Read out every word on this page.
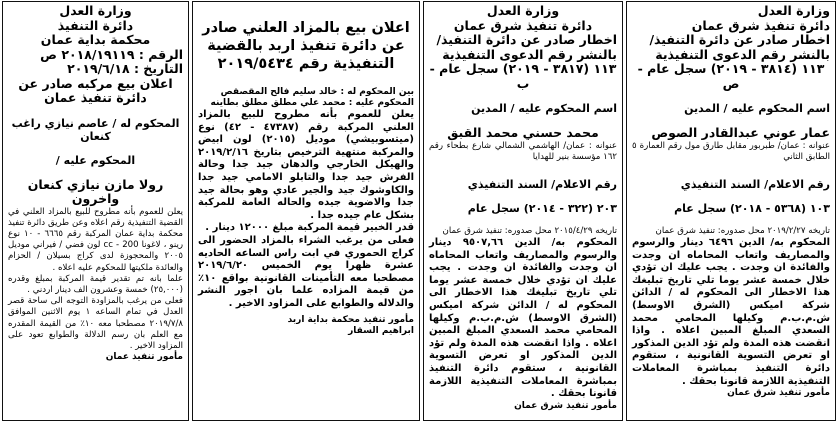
وزارة العدل

دائرة تنفيذ شرق عمان

اخطار صادر عن دائرة التنفيذ/بالنشر رقم الدعوى التنفيذية

١١٣ (٣٨١٤ - ٢٠١٩) سجل عام - ص

اسم المحكوم عليه / المدين

عمار عوني عبدالقادر الصوص

عنوانه : عمان/ طبربور مقابل طارق مول رقم العمارة ٥ الطابق الثاني

رقم الاعلام/ السند التنفيذي

١٠٣ (٥٣٦٨ - ٢٠١٨) سجل عام

تاريخه ٢٠١٩/٢/٢٧ محل صدوره: تنفيذ شرق عمان

المحكوم به/ الدين ٦٤٩٦ دينار والرسوم والمصاريف واتعاب المحاماه ان وجدت والفائدة ان وجدت . يجب عليك ان تؤدي خلال خمسة عشر يوما تلي تاريخ تبليغك هذا الاخطار الى المحكوم له / الدائن شركة اميكس (الشرق الاوسط) ش.م.ب.م وكيلها المحامي محمد السعدي المبلغ المبين اعلاه . واذا انقضت هذه المدة ولم تؤد الدين المذكور او تعرض التسوية القانونية ، ستقوم دائرة التنفيذ بمباشرة المعاملات التنفيذية اللازمة قانونا بحقك .

مأمور تنفيذ شرق عمان

وزارة العدل

دائرة تنفيذ شرق عمان

اخطار صادر عن دائرة التنفيذ/بالنشر رقم الدعوى التنفيذية

١١٣ (٣٨١٧ - ٢٠١٩) سجل عام - ب

اسم المحكوم عليه / المدين

محمد حسني محمد القبق

عنوانه : عمان/ الهاشمي الشمالي شارع بطحاء رقم ١٦٢ مؤسسة بنير للهدايا

رقم الاعلام/ السند التنفيذي

٢٠٣ (٣٢٢ - ٢٠١٤) سجل عام

تاريخه ٢٠١٥/٤/٢٩ محل صدوره: تنفيذ شرق عمان

المحكوم به/ الدين ٩٥٠٧,٦٦ دينار والرسوم والمصاريف واتعاب المحاماه ان وجدت والفائدة ان وجدت . يجب عليك ان تؤدي خلال خمسة عشر يوما تلي تاريخ تبليغك هذا الاخطار الى المحكوم له / الدائن شركة اميكس (الشرق الاوسط) ش.م.ب.م وكيلها المحامي محمد السعدي المبلغ المبين اعلاه . واذا انقضت هذه المدة ولم تؤد الدين المذكور او تعرض التسوية القانونية ، ستقوم دائرة التنفيذ بمباشرة المعاملات التنفيذية اللازمة قانونا بحقك .

مأمور تنفيذ شرق عمان

اعلان بيع بالمزاد العلني صادر عن دائرة تنفيذ اربد بالقضية التنفيذية رقم ٢٠١٩/٥٤٣٤

بين المحكوم له : خالد سليم فالح المقصقص

المحكوم عليه : محمد علي مطلق مطلق بطاينه

يعلن للعموم بأنه مطروح للبيع بالمزاد العلني المركبة رقم (٤٧٣٨٧ - ٤٢) نوع (ميتسوبيشي) موديل (٢٠١٥) لون ابيض والمركبة منتهية الترخيص بتاريخ ٢٠١٩/٢/١٦ والهيكل الخارجي والدهان جيد جدا وحالة الفرش جيد جدا والتابلو الامامي جيد جدا والكاوشوك جيد والجير عادي وهو بحالة جيد جدا والاضوية جيده والحاله العامة للمركبة بشكل عام جيده جدا .

قدر الخبير قيمة المركبة مبلغ ١٢٠٠٠ دينار .

فعلى من يرغب الشراء بالمزاد الحضور الى كراج الحموري في ابت راس الساعه الحاديه عشرة ظهرا يوم الخميس ٢٠١٩/٦/٢٠ مصطحبا معه التأمينات القانونية بواقع ١٠٪ من قيمة المزاده علما بان اجور النشر والدلاله والطوابع على المزاود الاخير .

مأمور تنفيذ محكمة بداية اربد

ابراهيم السقار

وزارة العدل

دائرة التنفيذ

محكمة بداية عمان

الرقم : ٢٠١٨/١٩١١٩ ص

التاريخ : ٢٠١٩/٦/١٨

اعلان بيع مركبه صادر عن دائرة تنفيذ عمان

المحكوم له / عاصم نيازي راغب كنعان

المحكوم عليه /

رولا مازن نيازي كنعان واخرون

يعلن للعموم بأنه مطروح للبيع بالمزاد العلني في القضية التنفيذية رقم اعلاه وعن طريق دائرة تنفيذ محكمة بداية عمان المركبة رقم ٦٦٦٥ - ١٠ نوع رينو ، لاغونا cc - 200 لون فضي / فيراني موديل ٢٠٠٥ والمحجوزة لدى كراج بسيلان / الحزام والعائدة ملكيتها للمحكوم عليه اعلاه .

علما بانه تم تقدير قيمة المركبة بمبلغ وقدره (٢٥,٠٠٠) خمسة وعشرون الف دينار اردني .

فعلى من يرغب بالمزاودة التوجه الى ساحة قصر العدل في تمام الساعه ١ يوم الاثنين الموافق ٢٠١٩/٧/٨ مصطحبا معه ١٠٪ من القيمة المقدره مع العلم بان رسم الدلالة والطوابع تعود على المزاود الاخير .

مأمور تنفيذ عمان
